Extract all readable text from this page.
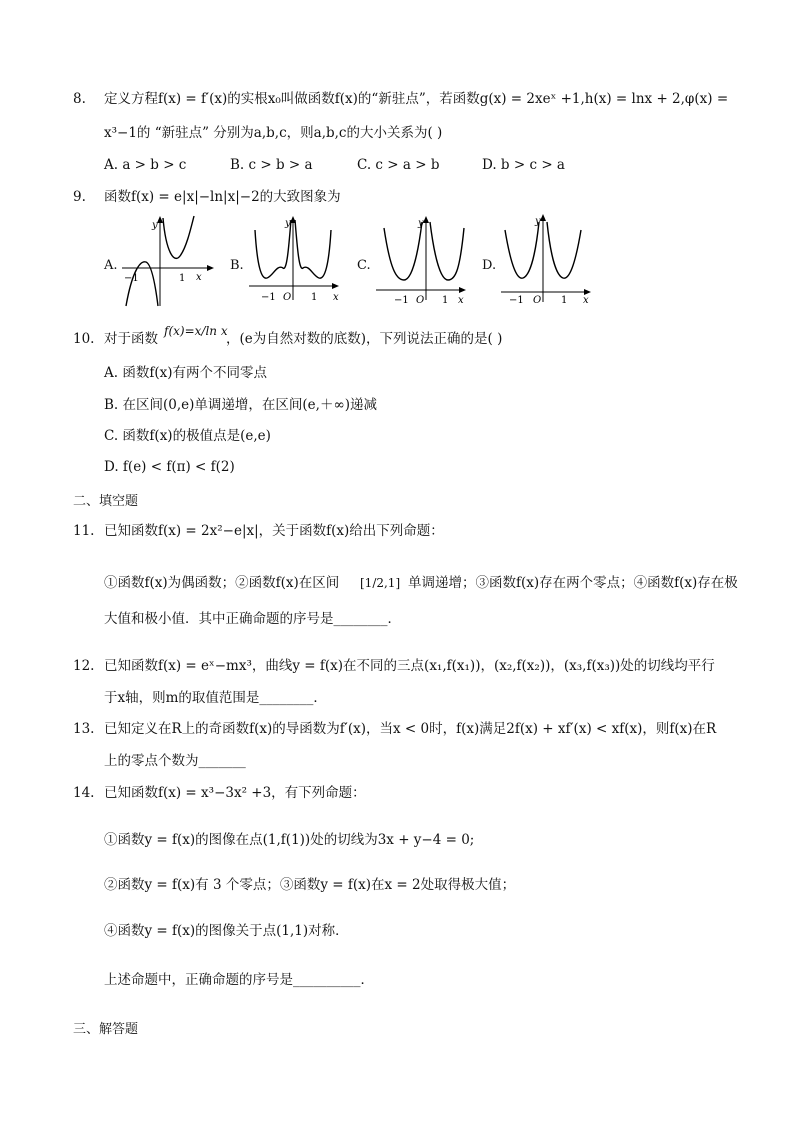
8. 定义方程f(x) = f′(x)的实根x₀叫做函数f(x)的“新驻点”，若函数g(x) = 2xeˣ +1,h(x) = lnx + 2,φ(x) =
x³−1的 “新驻点” 分别为a,b,c，则a,b,c的大小关系为( )
A. a > b > c	B. c > b > a	C. c > a > b	D. b > c > a
9. 函数f(x) = e|x|−ln|x|−2的大致图象为
A.
y
−1	1 x
B.
y
−1 O 1 x
C.
y
−1 O 1 x
D.
y
−1 O 1 x
10. 对于函数 f(x)=x/ln x
，(e为自然对数的底数)，下列说法正确的是( )
A. 函数f(x)有两个不同零点
B. 在区间(0,e)单调递增，在区间(e,＋∞)递减
C. 函数f(x)的极值点是(e,e)
D. f(e) < f(π) < f(2)
二、填空题
11. 已知函数f(x) = 2x²−e|x|，关于函数f(x)给出下列命题：
①函数f(x)为偶函数；②函数f(x)在区间 [1/2,1] 单调递增；③函数f(x)存在两个零点；④函数f(x)存在极
大值和极小值．其中正确命题的序号是________．
12. 已知函数f(x) = eˣ−mx³，曲线y = f(x)在不同的三点(x₁,f(x₁))，(x₂,f(x₂))，(x₃,f(x₃))处的切线均平行
于x轴，则m的取值范围是________．
13. 已知定义在R上的奇函数f(x)的导函数为f′(x)，当x < 0时，f(x)满足2f(x) + xf′(x) < xf(x)，则f(x)在R
上的零点个数为_______
14. 已知函数f(x) = x³−3x² +3，有下列命题：
①函数y = f(x)的图像在点(1,f(1))处的切线为3x + y−4 = 0;
②函数y = f(x)有 3 个零点；③函数y = f(x)在x = 2处取得极大值；
④函数y = f(x)的图像关于点(1,1)对称．
上述命题中，正确命题的序号是__________．
三、解答题
